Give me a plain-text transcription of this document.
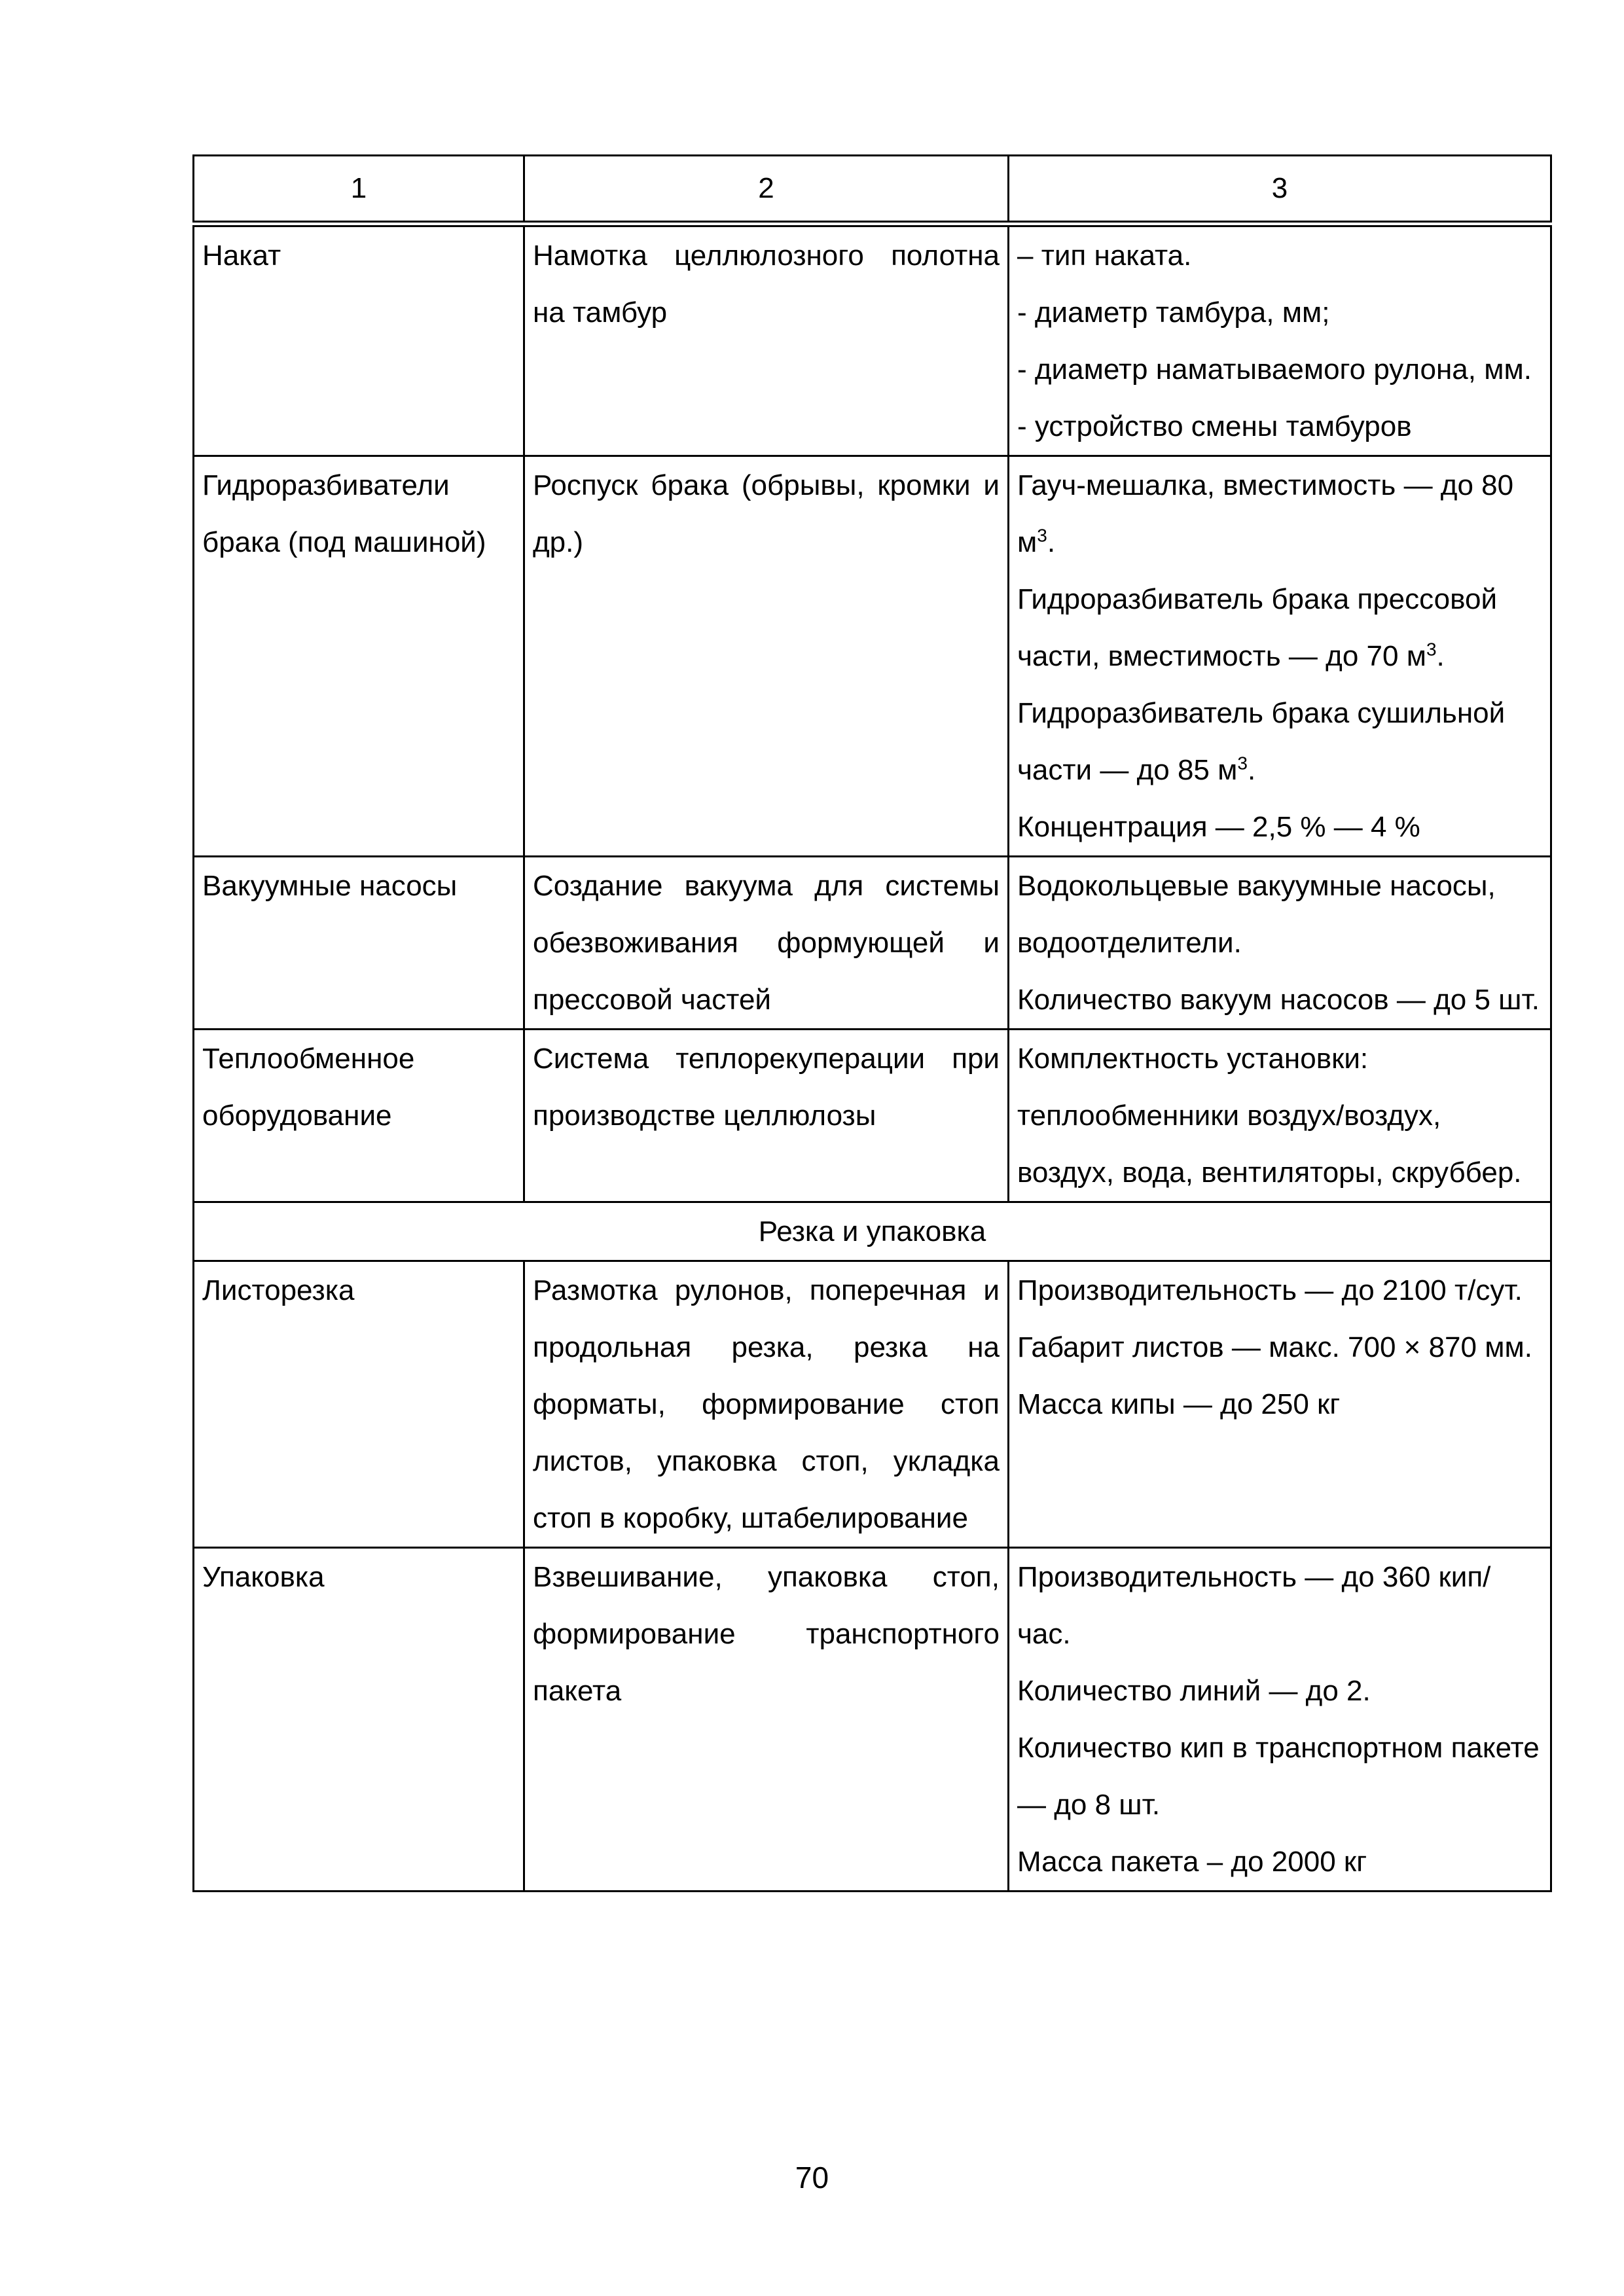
1	2	3
Накат	Намотка целлюлозного полотна на тамбур	– тип наката.
- диаметр тамбура, мм;
- диаметр наматываемого рулона, мм.
- устройство смены тамбуров

Гидроразбиватели брака (под машиной)	Роспуск брака (обрывы, кромки и др.)	Гауч-мешалка, вместимость — до 80 $м^3$.
Гидроразбиватель брака прессовой части, вместимость — до 70 $м^3$.
Гидроразбиватель брака сушильной части — до 85 $м^3$.
Концентрация — 2,5 % — 4 %

Вакуумные насосы	Создание вакуума для системы обезвоживания формующей и прессовой частей	Водокольцевые вакуумные насосы, водоотделители.
Количество вакуум насосов — до 5 шт.

Теплообменное оборудование	Система теплорекуперации при производстве целлюлозы	Комплектность установки: теплообменники воздух/воздух, воздух, вода, вентиляторы, скруббер.

Резка и упаковка		
Листорезка	Размотка рулонов, поперечная и продольная резка, резка на форматы, формирование стоп листов, упаковка стоп, укладка стоп в коробку, штабелирование	Производительность — до 2100 т/сут.
Габарит листов — макс. 700 × 870 мм.
Масса кипы — до 250 кг

Упаковка	Взвешивание, упаковка стоп, формирование транспортного пакета	Производительность — до 360 кип/час.
Количество линий — до 2.
Количество кип в транспортном пакете — до 8 шт.
Масса пакета – до 2000 кг
70
